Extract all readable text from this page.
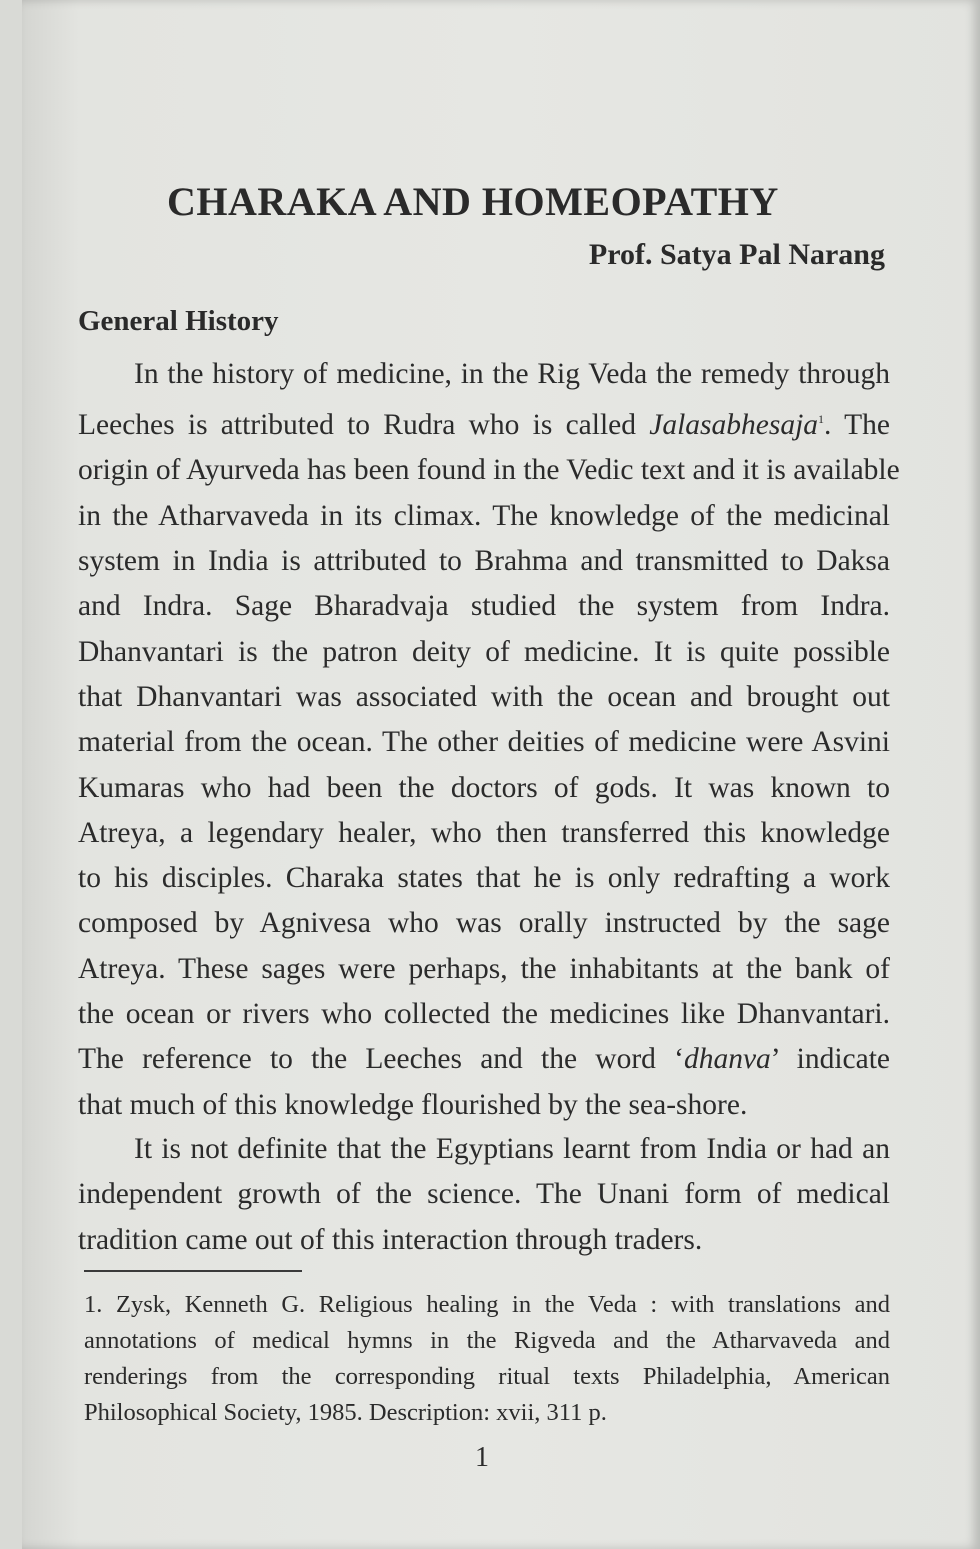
CHARAKA AND HOMEOPATHY
Prof. Satya Pal Narang
General History
In the history of medicine, in the Rig Veda the remedy through
Leeches is attributed to Rudra who is called Jalasabhesaja$^1$. The
origin of Ayurveda has been found in the Vedic text and it is available
in the Atharvaveda in its climax. The knowledge of the medicinal
system in India is attributed to Brahma and transmitted to Daksa
and Indra. Sage Bharadvaja studied the system from Indra.
Dhanvantari is the patron deity of medicine. It is quite possible
that Dhanvantari was associated with the ocean and brought out
material from the ocean. The other deities of medicine were Asvini
Kumaras who had been the doctors of gods. It was known to
Atreya, a legendary healer, who then transferred this knowledge
to his disciples. Charaka states that he is only redrafting a work
composed by Agnivesa who was orally instructed by the sage
Atreya. These sages were perhaps, the inhabitants at the bank of
the ocean or rivers who collected the medicines like Dhanvantari.
The reference to the Leeches and the word ‘dhanva’ indicate
that much of this knowledge flourished by the sea-shore.
It is not definite that the Egyptians learnt from India or had an
independent growth of the science. The Unani form of medical
tradition came out of this interaction through traders.
1. Zysk, Kenneth G. Religious healing in the Veda : with translations and
annotations of medical hymns in the Rigveda and the Atharvaveda and
renderings from the corresponding ritual texts Philadelphia, American
Philosophical Society, 1985. Description: xvii, 311 p.
1
